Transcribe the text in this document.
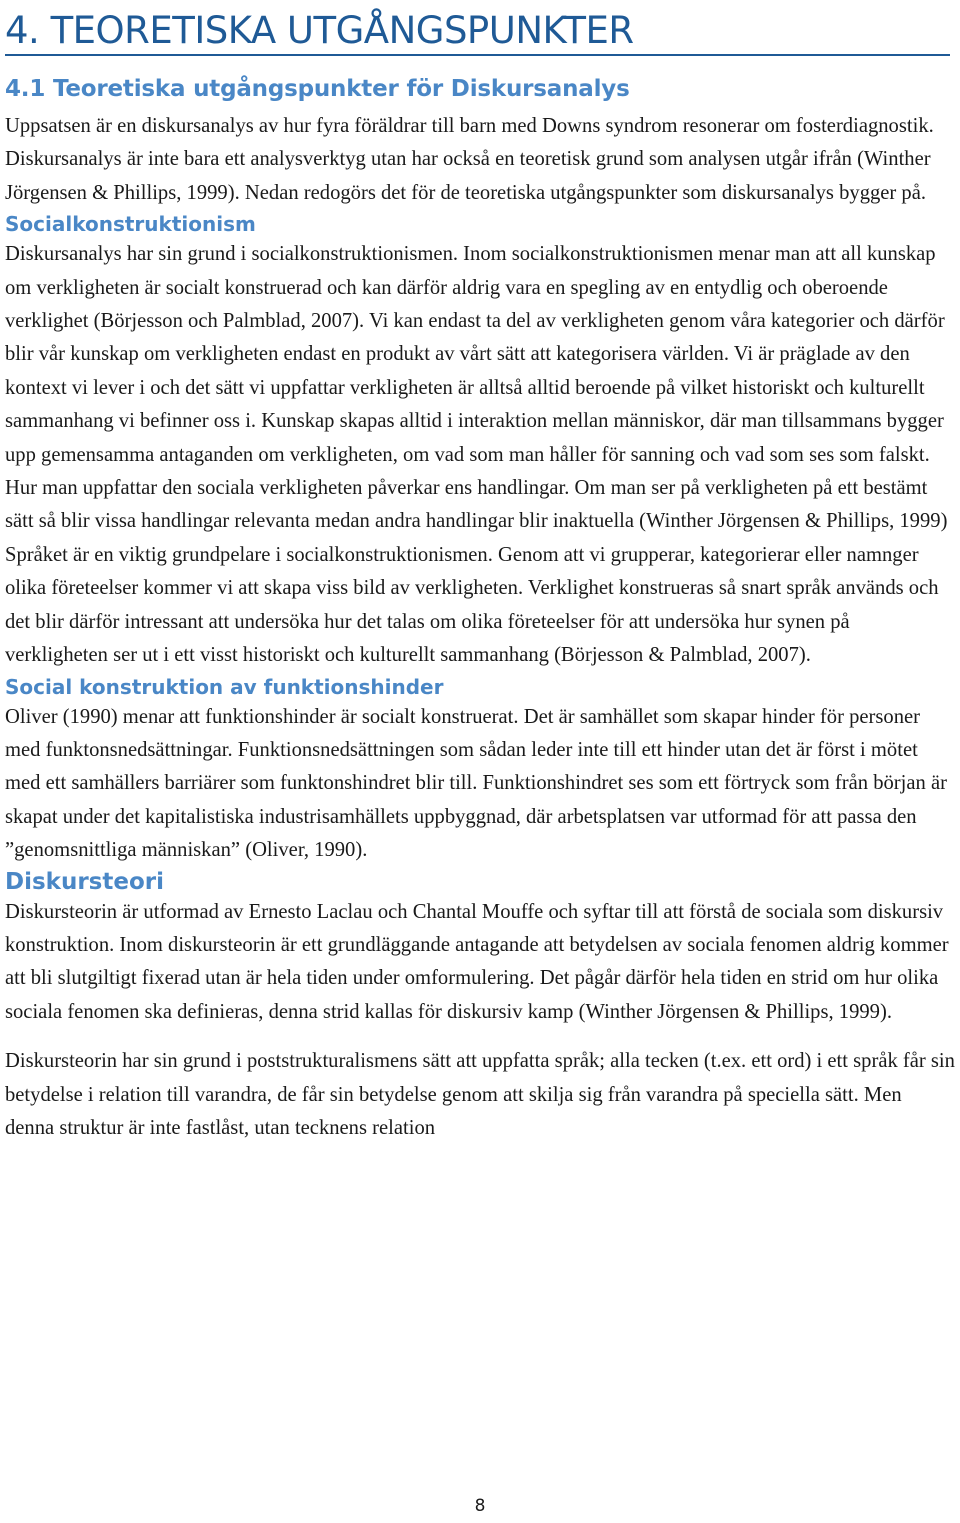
4. TEORETISKA UTGÅNGSPUNKTER
4.1 Teoretiska utgångspunkter för Diskursanalys

Uppsatsen är en diskursanalys av hur fyra föräldrar till barn med Downs syndrom resonerar om fosterdiagnostik. Diskursanalys är inte bara ett analysverktyg utan har också en teoretisk grund som analysen utgår ifrån (Winther Jörgensen & Phillips, 1999). Nedan redogörs det för de teoretiska utgångspunkter som diskursanalys bygger på.

Socialkonstruktionism

Diskursanalys har sin grund i socialkonstruktionismen. Inom socialkonstruktionismen menar man att all kunskap om verkligheten är socialt konstruerad och kan därför aldrig vara en spegling av en entydlig och oberoende verklighet (Börjesson och Palmblad, 2007). Vi kan endast ta del av verkligheten genom våra kategorier och därför blir vår kunskap om verkligheten endast en produkt av vårt sätt att kategorisera världen. Vi är präglade av den kontext vi lever i och det sätt vi uppfattar verkligheten är alltså alltid beroende på vilket historiskt och kulturellt sammanhang vi befinner oss i. Kunskap skapas alltid i interaktion mellan människor, där man tillsammans bygger upp gemensamma antaganden om verkligheten, om vad som man håller för sanning och vad som ses som falskt. Hur man uppfattar den sociala verkligheten påverkar ens handlingar. Om man ser på verkligheten på ett bestämt sätt så blir vissa handlingar relevanta medan andra handlingar blir inaktuella (Winther Jörgensen & Phillips, 1999) Språket är en viktig grundpelare i socialkonstruktionismen. Genom att vi grupperar, kategorierar eller namnger olika företeelser kommer vi att skapa viss bild av verkligheten. Verklighet konstrueras så snart språk används och det blir därför intressant att undersöka hur det talas om olika företeelser för att undersöka hur synen på verkligheten ser ut i ett visst historiskt och kulturellt sammanhang (Börjesson & Palmblad, 2007).

Social konstruktion av funktionshinder

Oliver (1990) menar att funktionshinder är socialt konstruerat. Det är samhället som skapar hinder för personer med funktonsnedsättningar. Funktionsnedsättningen som sådan leder inte till ett hinder utan det är först i mötet med ett samhällers barriärer som funktonshindret blir till. Funktionshindret ses som ett förtryck som från början är skapat under det kapitalistiska industrisamhällets uppbyggnad, där arbetsplatsen var utformad för att passa den ”genomsnittliga människan” (Oliver, 1990).

Diskursteori

Diskursteorin är utformad av Ernesto Laclau och Chantal Mouffe och syftar till att förstå de sociala som diskursiv konstruktion. Inom diskursteorin är ett grundläggande antagande att betydelsen av sociala fenomen aldrig kommer att bli slutgiltigt fixerad utan är hela tiden under omformulering. Det pågår därför hela tiden en strid om hur olika sociala fenomen ska definieras, denna strid kallas för diskursiv kamp (Winther Jörgensen & Phillips, 1999).

Diskursteorin har sin grund i poststrukturalismens sätt att uppfatta språk; alla tecken (t.ex. ett ord) i ett språk får sin betydelse i relation till varandra, de får sin betydelse genom att skilja sig från varandra på speciella sätt. Men denna struktur är inte fastlåst, utan tecknens relation

8
